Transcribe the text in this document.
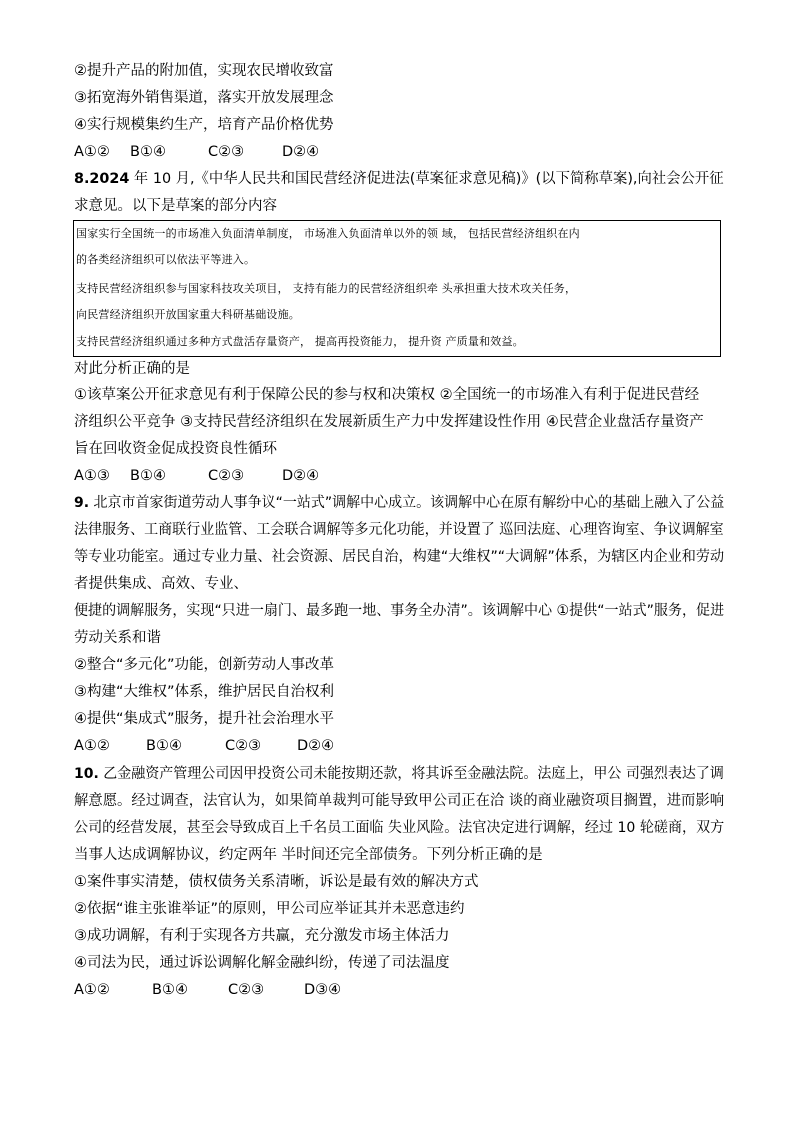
②提升产品的附加值，实现农民增收致富
③拓宽海外销售渠道，落实开放发展理念
④实行规模集约生产，培育产品价格优势
A①② B①④	C②③	D②④
8.2024 年 10 月,《中华人民共和国民营经济促进法(草案征求意见稿)》(以下简称草案),向社会公开征
求意见。以下是草案的部分内容
国家实行全国统一的市场准入负面清单制度， 市场准入负面清单以外的领 域， 包括民营经济组织在内
的各类经济组织可以依法平等进入。
支持民营经济组织参与国家科技攻关项目， 支持有能力的民营经济组织牵 头承担重大技术攻关任务，
向民营经济组织开放国家重大科研基础设施。
支持民营经济组织通过多种方式盘活存量资产， 提高再投资能力， 提升资 产质量和效益。
对此分析正确的是
①该草案公开征求意见有利于保障公民的参与权和决策权 ②全国统一的市场准入有利于促进民营经
济组织公平竞争 ③支持民营经济组织在发展新质生产力中发挥建设性作用 ④民营企业盘活存量资产
旨在回收资金促成投资良性循环
A①③ B①④	C②③	D②④
9. 北京市首家街道劳动人事争议“一站式”调解中心成立。该调解中心在原有解纷中心的基础上融入了公益
法律服务、工商联行业监管、工会联合调解等多元化功能，并设置了 巡回法庭、心理咨询室、争议调解室
等专业功能室。通过专业力量、社会资源、居民自治，构建“大维权”“大调解”体系，为辖区内企业和劳动
者提供集成、高效、专业、
便捷的调解服务，实现“只进一扇门、最多跑一地、事务全办清”。该调解中心 ①提供“一站式”服务，促进
劳动关系和谐
②整合“多元化”功能，创新劳动人事改革
③构建“大维权”体系，维护居民自治权利
④提供“集成式”服务，提升社会治理水平
A①② B①④	C②③ D②④
10. 乙金融资产管理公司因甲投资公司未能按期还款，将其诉至金融法院。法庭上，甲公 司强烈表达了调
解意愿。经过调查，法官认为，如果简单裁判可能导致甲公司正在洽 谈的商业融资项目搁置，进而影响
公司的经营发展，甚至会导致成百上千名员工面临 失业风险。法官决定进行调解，经过 10 轮磋商，双方
当事人达成调解协议，约定两年 半时间还完全部债务。下列分析正确的是
①案件事实清楚，债权债务关系清晰，诉讼是最有效的解决方式
②依据“谁主张谁举证”的原则，甲公司应举证其并未恶意违约
③成功调解，有利于实现各方共赢，充分激发市场主体活力
④司法为民，通过诉讼调解化解金融纠纷，传递了司法温度
A①②	B①④	C②③	D③④
